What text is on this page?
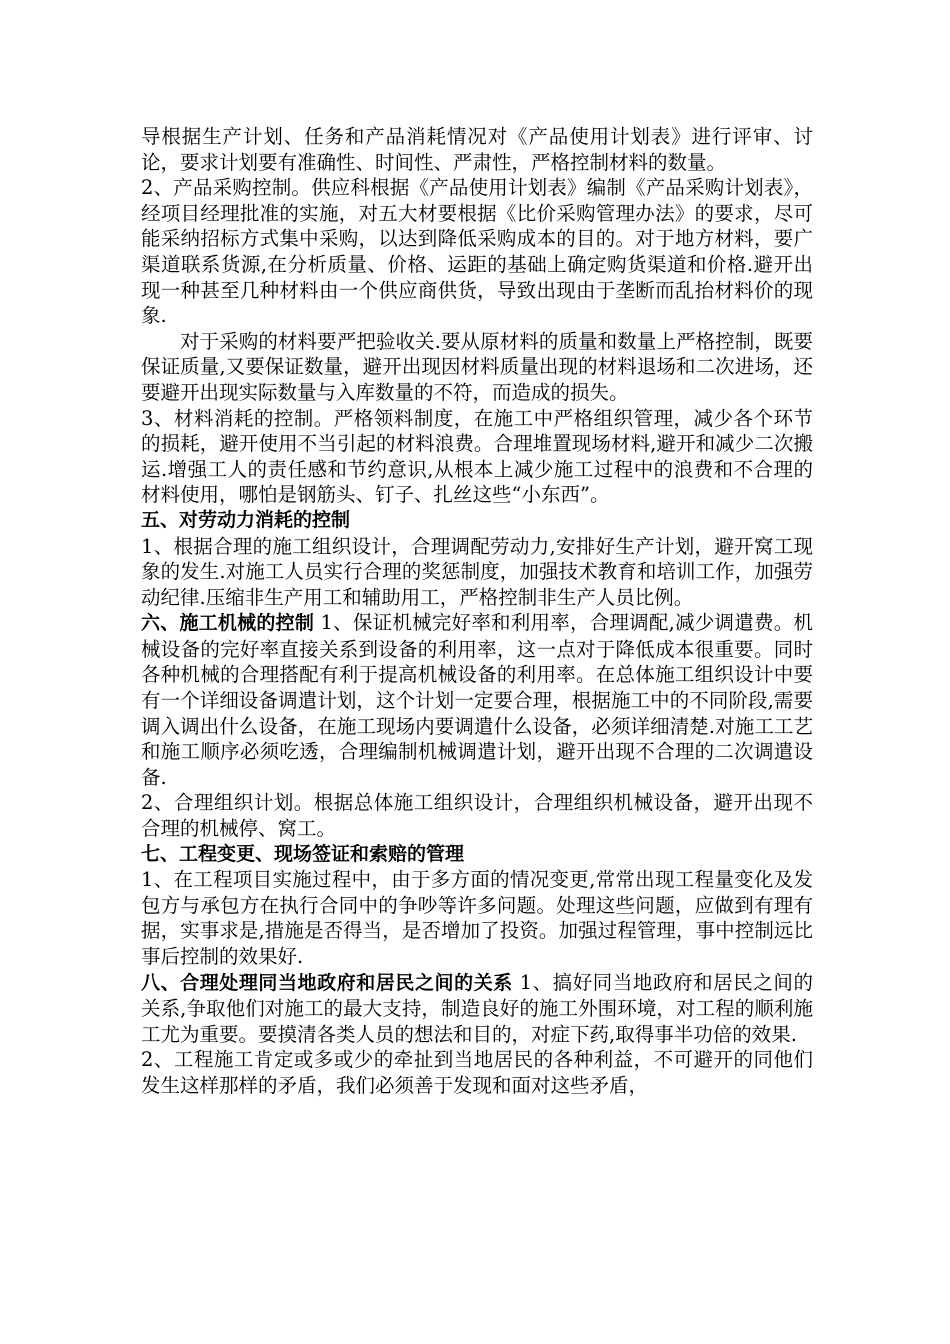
导根据生产计划、任务和产品消耗情况对《产品使用计划表》进行评审、讨论，要求计划要有准确性、时间性、严肃性，严格控制材料的数量。

2、产品采购控制。供应科根据《产品使用计划表》编制《产品采购计划表》，经项目经理批准的实施，对五大材要根据《比价采购管理办法》的要求，尽可能采纳招标方式集中采购，以达到降低采购成本的目的。对于地方材料，要广渠道联系货源,在分析质量、价格、运距的基础上确定购货渠道和价格.避开出现一种甚至几种材料由一个供应商供货，导致出现由于垄断而乱抬材料价的现象.

对于采购的材料要严把验收关.要从原材料的质量和数量上严格控制，既要保证质量,又要保证数量，避开出现因材料质量出现的材料退场和二次进场，还要避开出现实际数量与入库数量的不符，而造成的损失。

3、材料消耗的控制。严格领料制度，在施工中严格组织管理，减少各个环节的损耗，避开使用不当引起的材料浪费。合理堆置现场材料,避开和减少二次搬运.增强工人的责任感和节约意识,从根本上减少施工过程中的浪费和不合理的材料使用，哪怕是钢筋头、钉子、扎丝这些“小东西”。

五、对劳动力消耗的控制

1、根据合理的施工组织设计，合理调配劳动力,安排好生产计划，避开窝工现象的发生.对施工人员实行合理的奖惩制度，加强技术教育和培训工作，加强劳动纪律.压缩非生产用工和辅助用工，严格控制非生产人员比例。

六、施工机械的控制 1、保证机械完好率和利用率，合理调配,减少调遣费。机械设备的完好率直接关系到设备的利用率，这一点对于降低成本很重要。同时各种机械的合理搭配有利于提高机械设备的利用率。在总体施工组织设计中要有一个详细设备调遣计划，这个计划一定要合理，根据施工中的不同阶段,需要调入调出什么设备，在施工现场内要调遣什么设备，必须详细清楚.对施工工艺和施工顺序必须吃透，合理编制机械调遣计划，避开出现不合理的二次调遣设备.

2、合理组织计划。根据总体施工组织设计，合理组织机械设备，避开出现不合理的机械停、窝工。

七、工程变更、现场签证和索赔的管理

1、在工程项目实施过程中，由于多方面的情况变更,常常出现工程量变化及发包方与承包方在执行合同中的争吵等许多问题。处理这些问题，应做到有理有据，实事求是,措施是否得当，是否增加了投资。加强过程管理，事中控制远比事后控制的效果好.

八、合理处理同当地政府和居民之间的关系 1、搞好同当地政府和居民之间的关系,争取他们对施工的最大支持，制造良好的施工外围环境，对工程的顺利施工尤为重要。要摸清各类人员的想法和目的，对症下药,取得事半功倍的效果.

2、工程施工肯定或多或少的牵扯到当地居民的各种利益，不可避开的同他们发生这样那样的矛盾，我们必须善于发现和面对这些矛盾，
